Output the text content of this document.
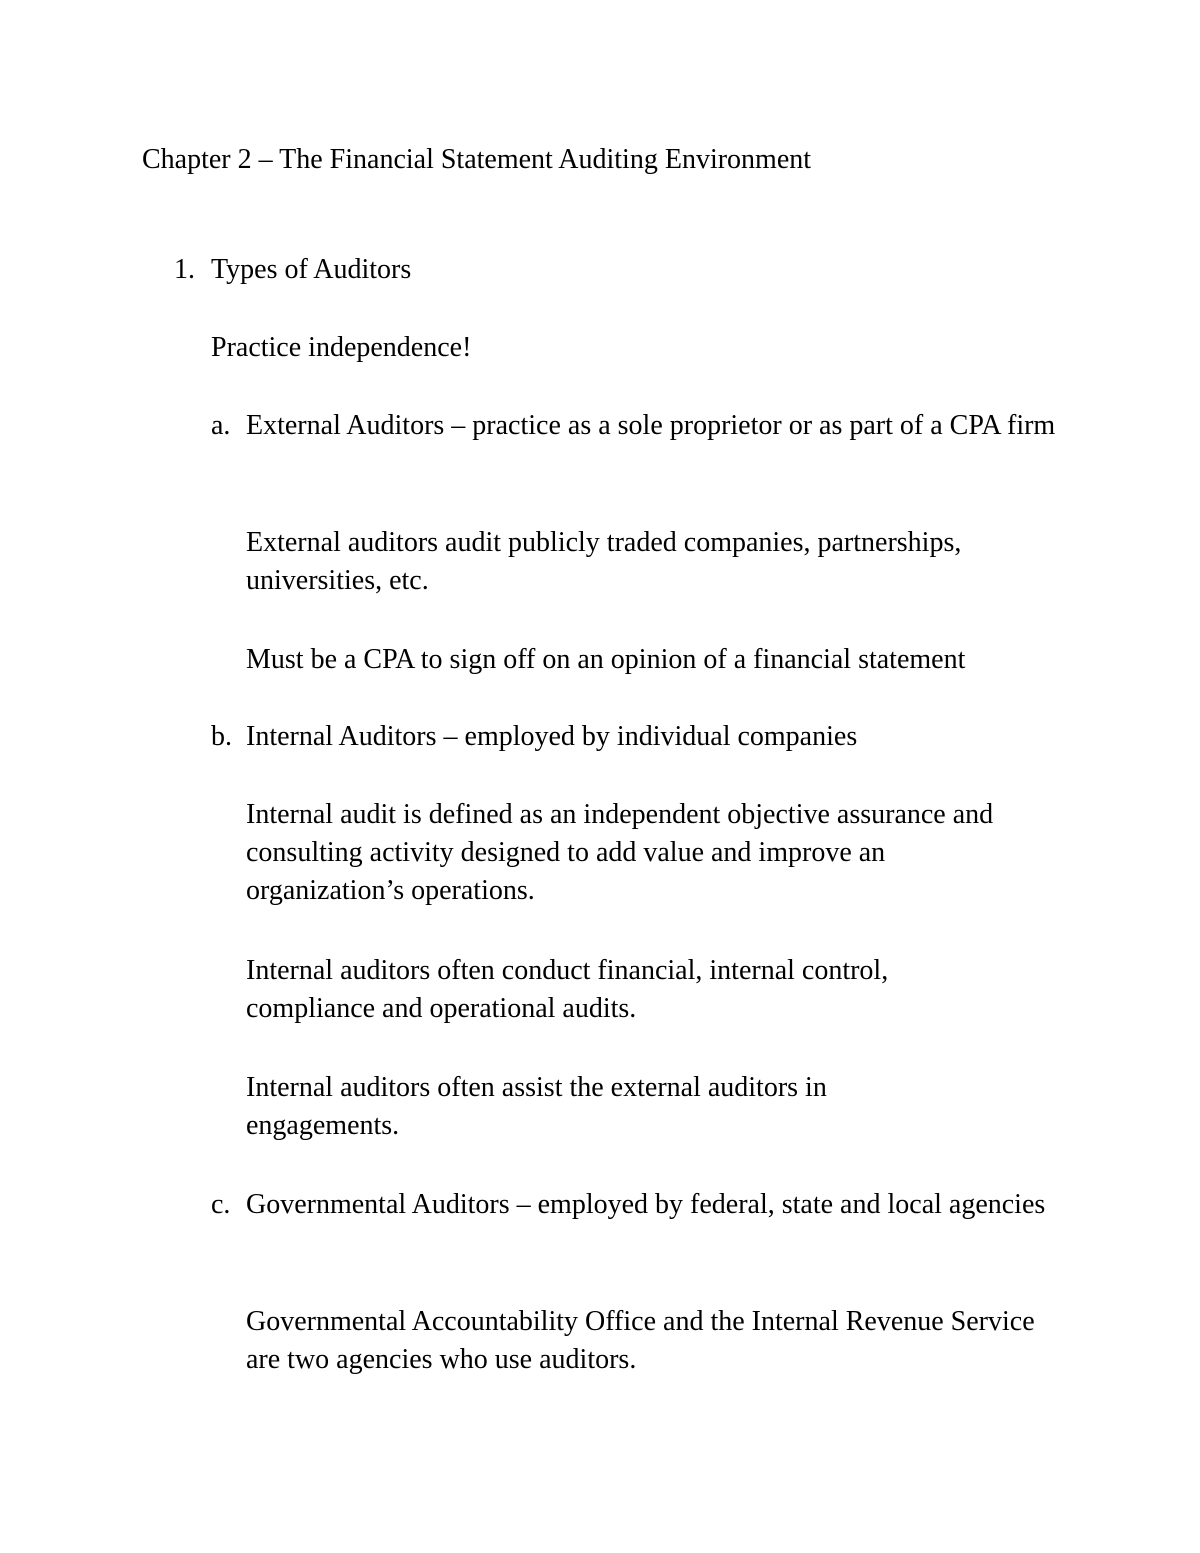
Chapter 2 – The Financial Statement Auditing Environment
1. Types of Auditors
Practice independence!
a. External Auditors – practice as a sole proprietor or as part of a CPA firm
External auditors audit publicly traded companies, partnerships, universities, etc.
Must be a CPA to sign off on an opinion of a financial statement
b. Internal Auditors – employed by individual companies
Internal audit is defined as an independent objective assurance and consulting activity designed to add value and improve an organization’s operations.
Internal auditors often conduct financial, internal control, compliance and operational audits.
Internal auditors often assist the external auditors in engagements.
c. Governmental Auditors – employed by federal, state and local agencies
Governmental Accountability Office and the Internal Revenue Service are two agencies who use auditors.
